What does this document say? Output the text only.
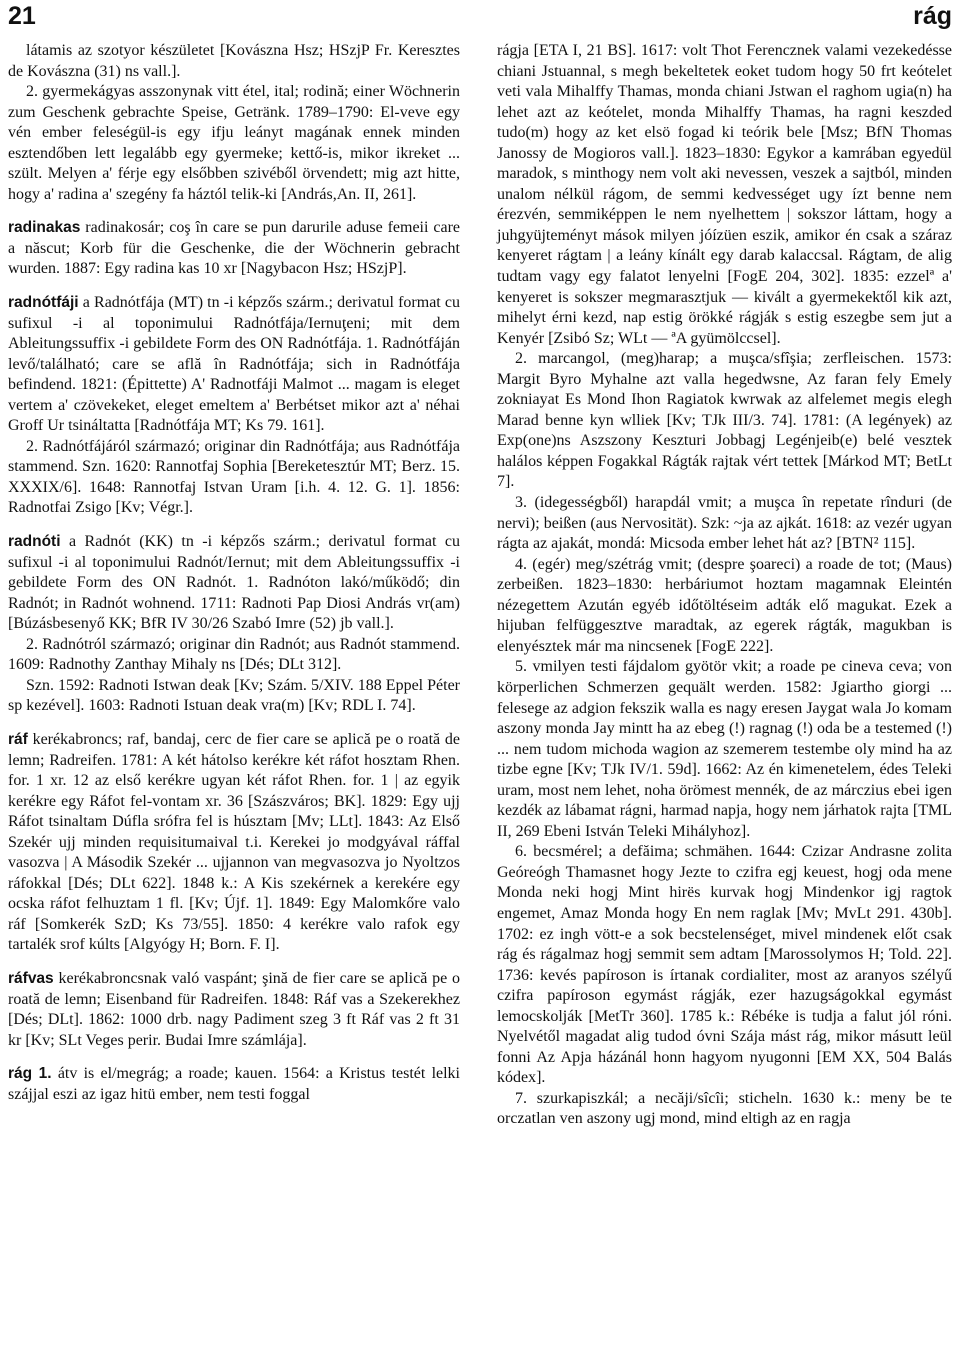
21	rág

látamis az szotyor készületet [Kovászna Hsz; HSzjP Fr. Keresztes de Kovászna (31) ns vall.].

2. gyermekágyas asszonynak vitt étel, ital; rodină; einer Wöchnerin zum Geschenk gebrachte Speise, Getränk. 1789–1790: El-veve egy vén ember feleségül-is egy ifju leányt magának ennek minden esztendőben lett legalább egy gyermeke; kettő-is, mikor ikreket ... szült. Melyen a' férje egy elsőbben szivéből örvendett; mig azt hitte, hogy a' radina a' szegény fa háztól telik-ki [András,An. II, 261].

radinakas radinakosár; coş în care se pun darurile aduse femeii care a născut; Korb für die Geschenke, die der Wöchnerin gebracht wurden. 1887: Egy radina kas 10 xr [Nagybacon Hsz; HSzjP].

radnótfáji a Radnótfája (MT) tn -i képzős szárm.; derivatul format cu sufixul -i al toponimului Radnótfája/Iernuţeni; mit dem Ableitungssuffix -i gebildete Form des ON Radnótfája. 1. Radnótfáján levő/található; care se află în Radnótfája; sich in Radnótfája befindend. 1821: (Épittette) A' Radnotfáji Malmot ... magam is eleget vertem a' czövekeket, eleget emeltem a' Berbétset mikor azt a' néhai Groff Ur tsináltatta [Radnótfája MT; Ks 79. 161].

2. Radnótfájáról származó; originar din Radnótfája; aus Radnótfája stammend. Szn. 1620: Rannotfaj Sophia [Bereketesztúr MT; Berz. 15. XXXIX/6]. 1648: Rannotfaj Istvan Uram [i.h. 4. 12. G. 1]. 1856: Radnotfai Zsigo [Kv; Végr.].

radnóti a Radnót (KK) tn -i képzős szárm.; derivatul format cu sufixul -i al toponimului Radnót/Iernut; mit dem Ableitungssuffix -i gebildete Form des ON Radnót. 1. Radnóton lakó/működő; din Radnót; in Radnót wohnend. 1711: Radnoti Pap Diosi András vr(am) [Búzásbesenyő KK; BfR IV 30/26 Szabó Imre (52) jb vall.].

2. Radnótról származó; originar din Radnót; aus Radnót stammend. 1609: Radnothy Zanthay Mihaly ns [Dés; DLt 312].

Szn. 1592: Radnoti Istwan deak [Kv; Szám. 5/XIV. 188 Eppel Péter sp kezével]. 1603: Radnoti Istuan deak vra(m) [Kv; RDL I. 74].

ráf kerékabroncs; raf, bandaj, cerc de fier care se aplică pe o roată de lemn; Radreifen. 1781: A két hátolso kerékre két ráfot hosztam Rhen. for. 1 xr. 12 az első kerékre ugyan két ráfot Rhen. for. 1 | az egyik kerékre egy Ráfot fel-vontam xr. 36 [Szászváros; BK]. 1829: Egy ujj Ráfot tsinaltam Dúfla srófra fel is húsztam [Mv; LLt]. 1843: Az Első Szekér ujj minden requisitumaival t.i. Kerekei jo modgyával ráffal vasozva | A Második Szekér ... ujjannon van megvasozva jo Nyoltzos ráfokkal [Dés; DLt 622]. 1848 k.: A Kis szekérnek a kerekére egy ocska ráfot felhuztam 1 fl. [Kv; Újf. 1]. 1849: Egy Malomkőre valo ráf [Somkerék SzD; Ks 73/55]. 1850: 4 kerékre valo rafok egy tartalék srof kúlts [Algyógy H; Born. F. I].

ráfvas kerékabroncsnak való vaspánt; şină de fier care se aplică pe o roată de lemn; Eisenband für Radreifen. 1848: Ráf vas a Szekerekhez [Dés; DLt]. 1862: 1000 drb. nagy Padiment szeg 3 ft Ráf vas 2 ft 31 kr [Kv; SLt Veges perir. Budai Imre számlája].

rág 1. átv is el/megrág; a roade; kauen. 1564: a Kristus testét lelki szájjal eszi az igaz hitü ember, nem testi foggal

rágja [ETA I, 21 BS]. 1617: volt Thot Ferencznek valami vezekedésse chiani Jstuannal, s megh bekeltetek eoket tudom hogy 50 frt keótelet veti vala Mihalffy Thamas, monda chiani Jstwan el raghom ugia(n) ha lehet azt az keótelet, monda Mihalffy Thamas, ha ragni keszded tudo(m) hogy az ket elsö fogad ki teórik bele [Msz; BfN Thomas Janossy de Mogioros vall.]. 1823–1830: Egykor a kamrában egyedül maradok, s minthogy nem volt aki nevessen, veszek a sajtból, minden unalom nélkül rágom, de semmi kedvességet ugy ízt benne nem érezvén, semmiképpen le nem nyelhettem | sokszor láttam, hogy a juhgyüjteményt mások milyen jóízüen eszik, amikor én csak a száraz kenyeret rágtam | a leány kínált egy darab kalaccsal. Rágtam, de alig tudtam vagy egy falatot lenyelni [FogE 204, 302]. 1835: ezzelª a' kenyeret is sokszer megmarasztjuk — kivált a gyermekektől kik azt, mihelyt érni kezd, nap estig örökké rágják s estig eszegbe sem jut a Kenyér [Zsibó Sz; WLt — ªA gyümölccsel].

2. marcangol, (meg)harap; a muşca/sfîşia; zerfleischen. 1573: Margit Byro Myhalne azt valla hegedwsne, Az faran fely Emely zokniayat Es Mond Ihon Ragiatok kwrwak az alfelemet megis elegh Marad benne kyn wlliek [Kv; TJk III/3. 74]. 1781: (A legények) az Exp(one)ns Aszszony Keszturi Jobbagj Legénjeib(e) belé vesztek halálos képpen Fogakkal Rágták rajtak vért tettek [Márkod MT; BetLt 7].

3. (idegességből) harapdál vmit; a muşca în repetate rînduri (de nervi); beißen (aus Nervosität). Szk: ~ja az ajkát. 1618: az vezér ugyan rágta az ajakát, mondá: Micsoda ember lehet hát az? [BTN² 115].

4. (egér) meg/szétrág vmit; (despre şoareci) a roade de tot; (Maus) zerbeißen. 1823–1830: herbáriumot hoztam magamnak Eleintén nézegettem Azután egyéb időtöltéseim adták elő magukat. Ezek a hijuban felfüggesztve maradtak, az egerek rágták, magukban is elenyésztek már ma nincsenek [FogE 222].

5. vmilyen testi fájdalom gyötör vkit; a roade pe cineva ceva; von körperlichen Schmerzen gequält werden. 1582: Jgiartho giorgi ... felesege az adgion fekszik walla es nagy eresen Jaygat wala Jo komam aszony monda Jay mintt ha az ebeg (!) ragnag (!) oda be a testemed (!) ... nem tudom michoda wagion az szemerem testembe oly mind ha az tizbe egne [Kv; TJk IV/1. 59d]. 1662: Az én kimenetelem, édes Teleki uram, most nem lehet, noha örömest mennék, de az márczius ebei igen kezdék az lábamat rágni, harmad napja, hogy nem járhatok rajta [TML II, 269 Ebeni István Teleki Mihályhoz].

6. becsmérel; a defăima; schmähen. 1644: Czizar Andrasne zolita Geóreógh Thamasnet hogy Jezte to czifra egj keuest, hogj oda mene Monda neki hogj Mint hirës kurvak hogj Mindenkor igj ragtok engemet, Amaz Monda hogy En nem raglak [Mv; MvLt 291. 430b]. 1702: ez ingh vött-e a sok becstelenséget, mivel mindenek előt csak rág és rágalmaz hogj semmit sem adtam [Marossolymos H; Told. 22]. 1736: kevés papíroson is írtanak cordialiter, most az aranyos szélyű czifra papíroson egymást rágják, ezer hazugságokkal egymást lemocskolják [MetTr 360]. 1785 k.: Rébéke is tudja a falut jól róni. Nyelvétől magadat alig tudod óvni Szája mást rág, mikor másutt leül fonni Az Apja házánál honn hagyom nyugonni [EM XX, 504 Balás kódex].

7. szurkapiszkál; a necăji/sîcîi; sticheln. 1630 k.: meny be te orczatlan ven aszony ugj mond, mind eltigh az en ragja
